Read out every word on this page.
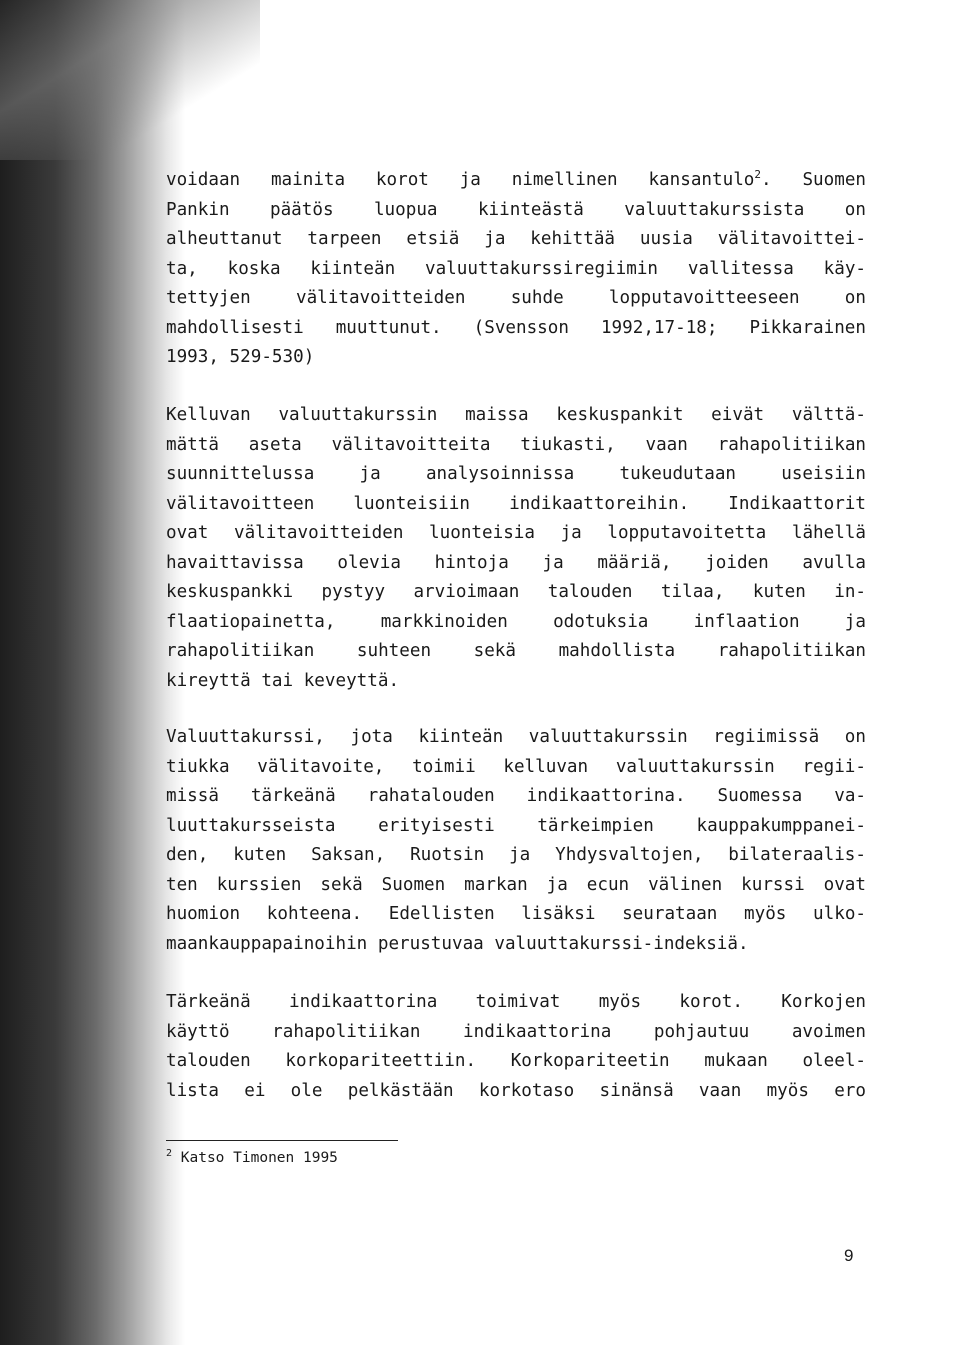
voidaan mainita korot ja nimellinen kansantulo$^2$. Suomen
Pankin päätös luopua kiinteästä valuuttakurssista on
alheuttanut tarpeen etsiä ja kehittää uusia välitavoittei-
ta, koska kiinteän valuuttakurssiregiimin vallitessa käy-
tettyjen välitavoitteiden suhde lopputavoitteeseen on
mahdollisesti muuttunut. (Svensson 1992,17-18; Pikkarainen
1993, 529-530)
Kelluvan valuuttakurssin maissa keskuspankit eivät välttä-
mättä aseta välitavoitteita tiukasti, vaan rahapolitiikan
suunnittelussa ja analysoinnissa tukeudutaan useisiin
välitavoitteen luonteisiin indikaattoreihin. Indikaattorit
ovat välitavoitteiden luonteisia ja lopputavoitetta lähellä
havaittavissa olevia hintoja ja määriä, joiden avulla
keskuspankki pystyy arvioimaan talouden tilaa, kuten in-
flaatiopainetta, markkinoiden odotuksia inflaation ja
rahapolitiikan suhteen sekä mahdollista rahapolitiikan
kireyttä tai keveyttä.
Valuuttakurssi, jota kiinteän valuuttakurssin regiimissä on
tiukka välitavoite, toimii kelluvan valuuttakurssin regii-
missä tärkeänä rahatalouden indikaattorina. Suomessa va-
luuttakursseista erityisesti tärkeimpien kauppakumppanei-
den, kuten Saksan, Ruotsin ja Yhdysvaltojen, bilateraalis-
ten kurssien sekä Suomen markan ja ecun välinen kurssi ovat
huomion kohteena. Edellisten lisäksi seurataan myös ulko-
maankauppapainoihin perustuvaa valuuttakurssi-indeksiä.
Tärkeänä indikaattorina toimivat myös korot. Korkojen
käyttö rahapolitiikan indikaattorina pohjautuu avoimen
talouden korkopariteettiin. Korkopariteetin mukaan oleel-
lista ei ole pelkästään korkotaso sinänsä vaan myös ero
$^2$ Katso Timonen 1995
9
